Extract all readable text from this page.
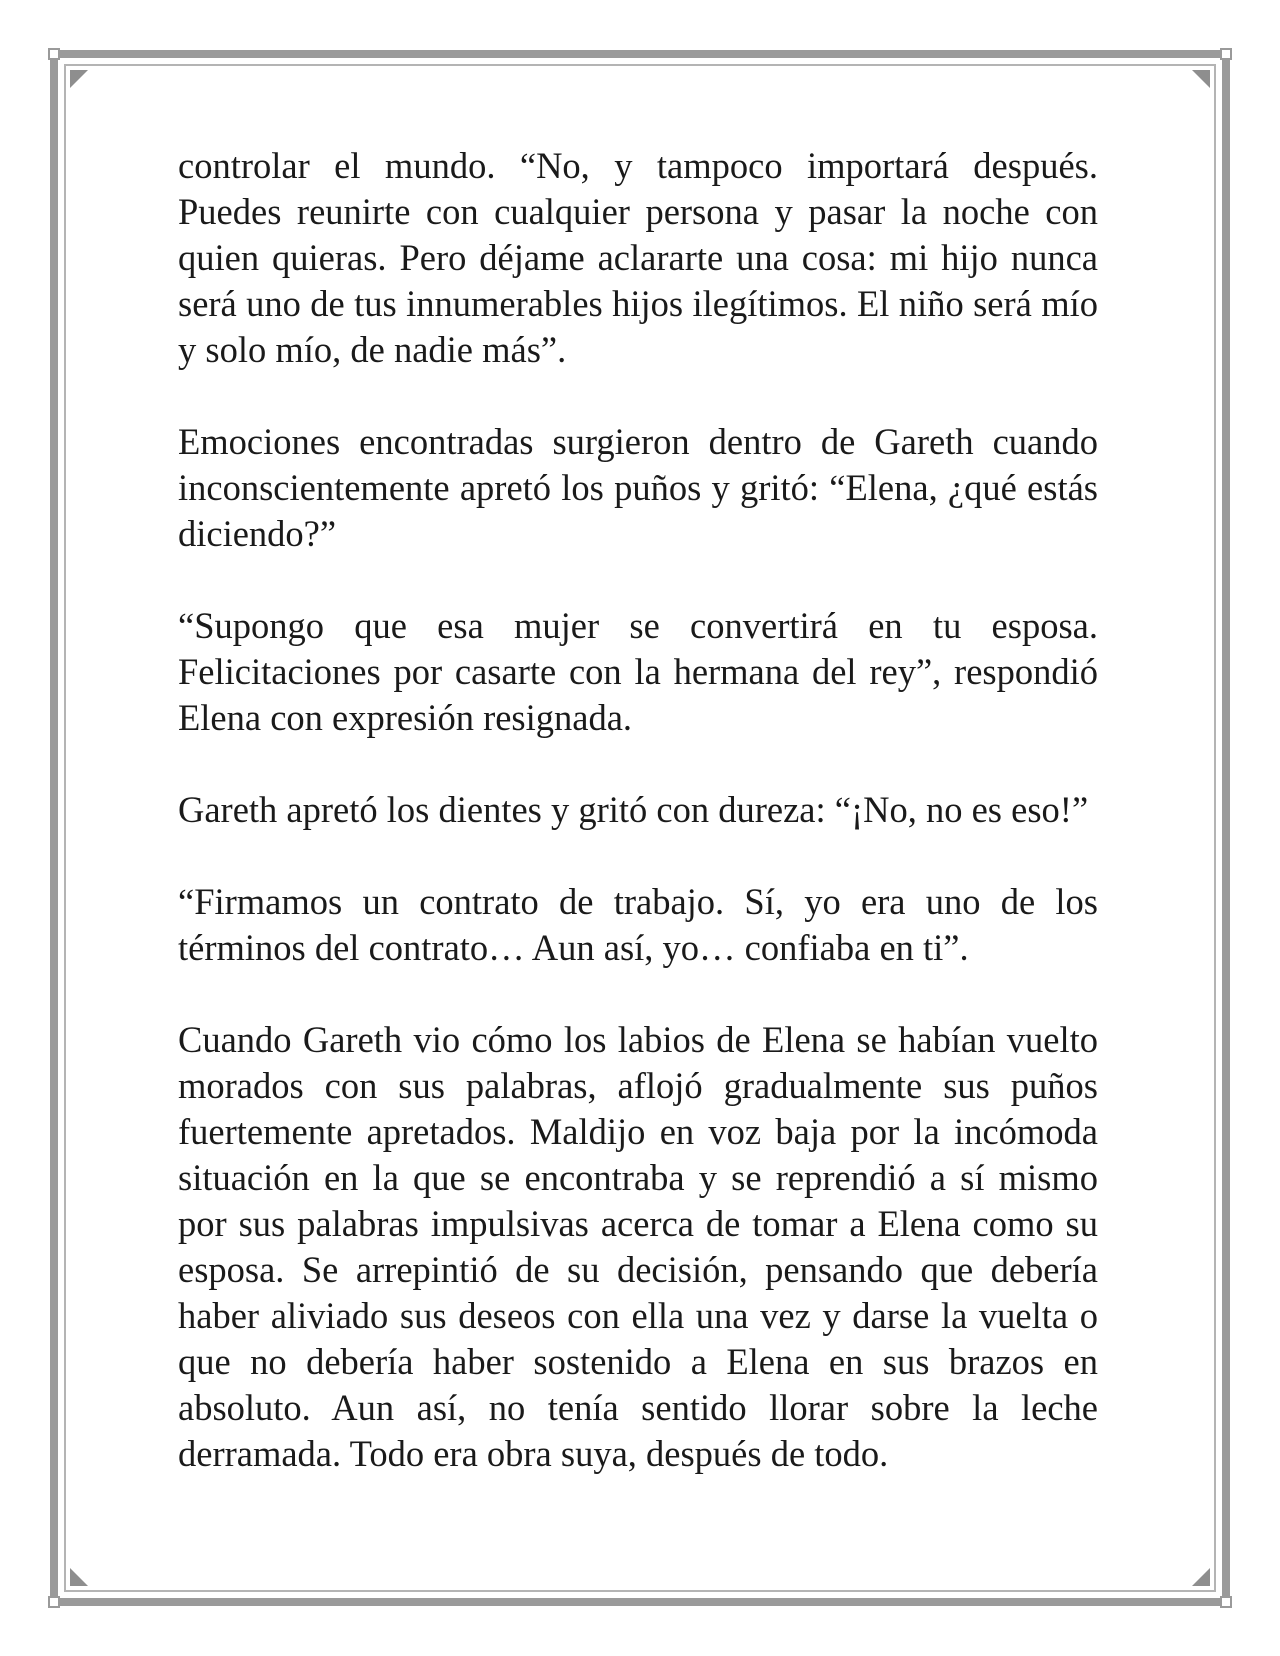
controlar el mundo. “No, y tampoco importará después. Puedes reunirte con cualquier persona y pasar la noche con quien quieras. Pero déjame aclararte una cosa: mi hijo nunca será uno de tus innumerables hijos ilegítimos. El niño será mío y solo mío, de nadie más”.

Emociones encontradas surgieron dentro de Gareth cuando inconscientemente apretó los puños y gritó: “Elena, ¿qué estás diciendo?”

“Supongo que esa mujer se convertirá en tu esposa. Felicitaciones por casarte con la hermana del rey”, respondió Elena con expresión resignada.

Gareth apretó los dientes y gritó con dureza: “¡No, no es eso!”

“Firmamos un contrato de trabajo. Sí, yo era uno de los términos del contrato… Aun así, yo… confiaba en ti”.

Cuando Gareth vio cómo los labios de Elena se habían vuelto morados con sus palabras, aflojó gradualmente sus puños fuertemente apretados. Maldijo en voz baja por la incómoda situación en la que se encontraba y se reprendió a sí mismo por sus palabras impulsivas acerca de tomar a Elena como su esposa. Se arrepintió de su decisión, pensando que debería haber aliviado sus deseos con ella una vez y darse la vuelta o que no debería haber sostenido a Elena en sus brazos en absoluto. Aun así, no tenía sentido llorar sobre la leche derramada. Todo era obra suya, después de todo.
